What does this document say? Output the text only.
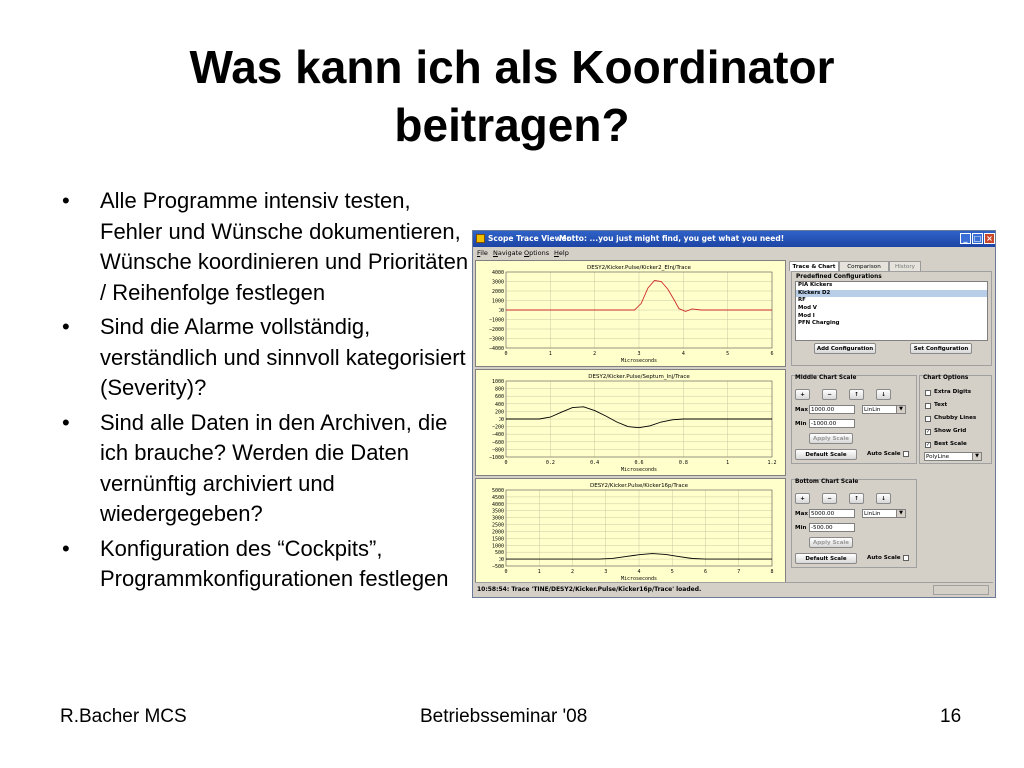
Was kann ich als Koordinator beitragen?
• Alle Programme intensiv testen, Fehler und Wünsche dokumentieren, Wünsche koordinieren und Prioritäten / Reihenfolge festlegen
• Sind die Alarme vollständig, verständlich und sinnvoll kategorisiert (Severity)?
• Sind alle Daten in den Archiven, die ich brauche? Werden die Daten vernünftig archiviert und wiedergegeben?
• Konfiguration des “Cockpits”, Programmkonfigurationen festlegen
R.Bacher MCS	Betriebsseminar '08	16
Scope Trace Viewer
Motto: ...you just might find, you get what you need!	_ □ ×
File Navigate Options Help
DESY2/Kicker.Pulse/Kicker2_EInj/Trace
4000
3000
2000
1000
0
−1000
−2000
−3000
−4000
0	1	2	3	4	5	6
Microseconds
DESY2/Kicker.Pulse/Septum_Inj/Trace
1000
800
600
400
200
0
−200
−400
−600
−800
−1000
0	0.2	0.4	0.6	0.8	1	1.2
Microseconds
DESY2/Kicker.Pulse/Kicker16p/Trace
5000
4500
4000
3500
3000
2500
2000
1500
1000
500
0
−500
0	1	2	3	4	5	6	7	8
Microseconds
Trace & Chart	Comparison	History
Predefined Configurations
PIA Kickers
Kickers D2
RF
Mod V
Mod I
PFN Charging
Add Configuration	Set Configuration
Middle Chart Scale
+	−	↑	↓
Max 1000.00	LinLin	▼
Min -1000.00
Apply Scale
Default Scale	Auto Scale
Chart Options
Extra Digits
Text
Chubby Lines
✓ Show Grid
✓ Best Scale
PolyLine	▼
Bottom Chart Scale
+	−	↑	↓
Max 5000.00	LinLin	▼
Min -500.00
Apply Scale
Default Scale	Auto Scale
10:58:54: Trace 'TINE/DESY2/Kicker.Pulse/Kicker16p/Trace' loaded.
